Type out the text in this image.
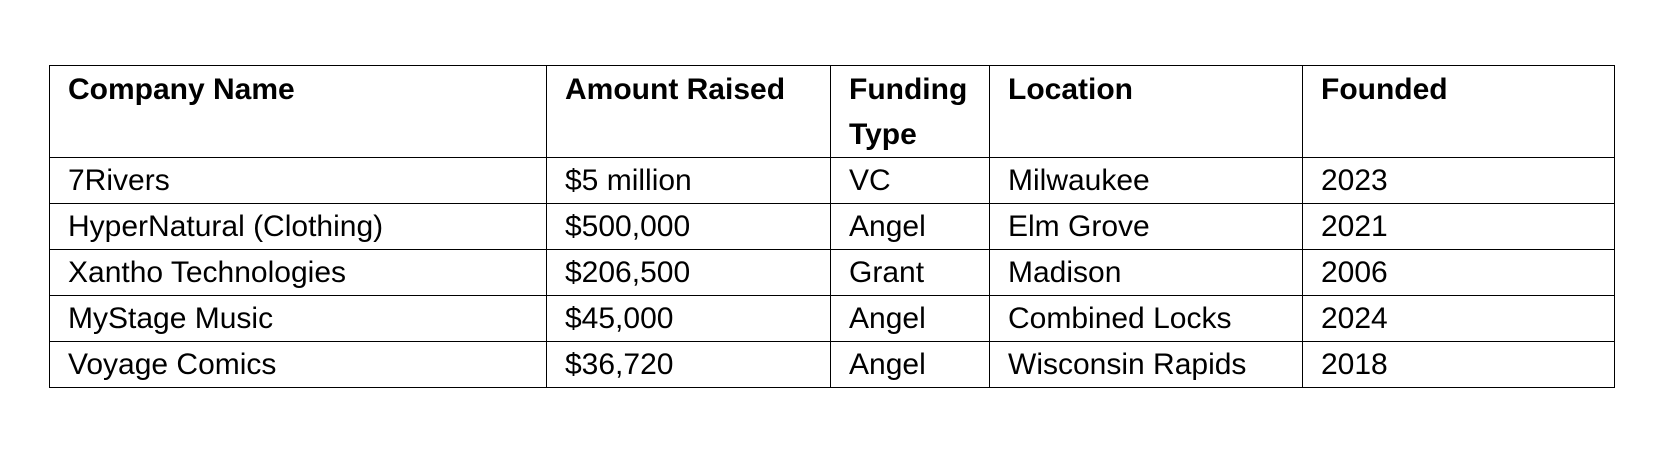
Company Name	Amount Raised	Funding Type	Location	Founded
7Rivers	$5 million	VC	Milwaukee	2023
HyperNatural (Clothing)	$500,000	Angel	Elm Grove	2021
Xantho Technologies	$206,500	Grant	Madison	2006
MyStage Music	$45,000	Angel	Combined Locks	2024
Voyage Comics	$36,720	Angel	Wisconsin Rapids	2018
